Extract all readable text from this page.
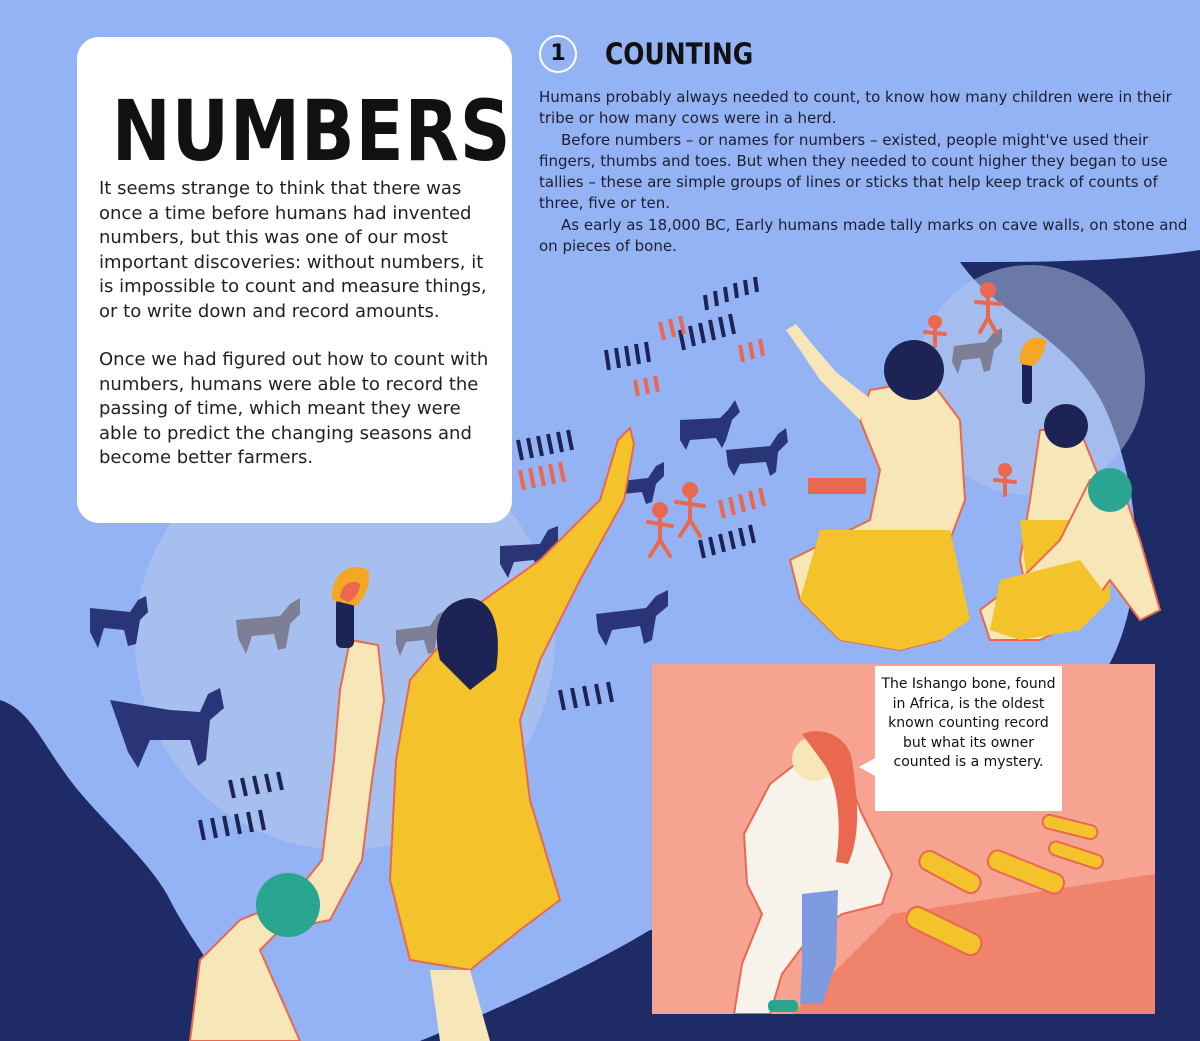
NUMBERS

It seems strange to think that there was once a time before humans had invented numbers, but this was one of our most important discoveries: without numbers, it is impossible to count and measure things, or to write down and record amounts.

Once we had figured out how to count with numbers, humans were able to record the passing of time, which meant they were able to predict the changing seasons and become better farmers.

1	COUNTING

Humans probably always needed to count, to know how many children were in their tribe or how many cows were in a herd.

Before numbers – or names for numbers – existed, people might've used their fingers, thumbs and toes. But when they needed to count higher they began to use tallies – these are simple groups of lines or sticks that help keep track of counts of three, five or ten.

As early as 18,000 BC, Early humans made tally marks on cave walls, on stone and on pieces of bone.

The Ishango bone, found in Africa, is the oldest known counting record but what its owner counted is a mystery.
